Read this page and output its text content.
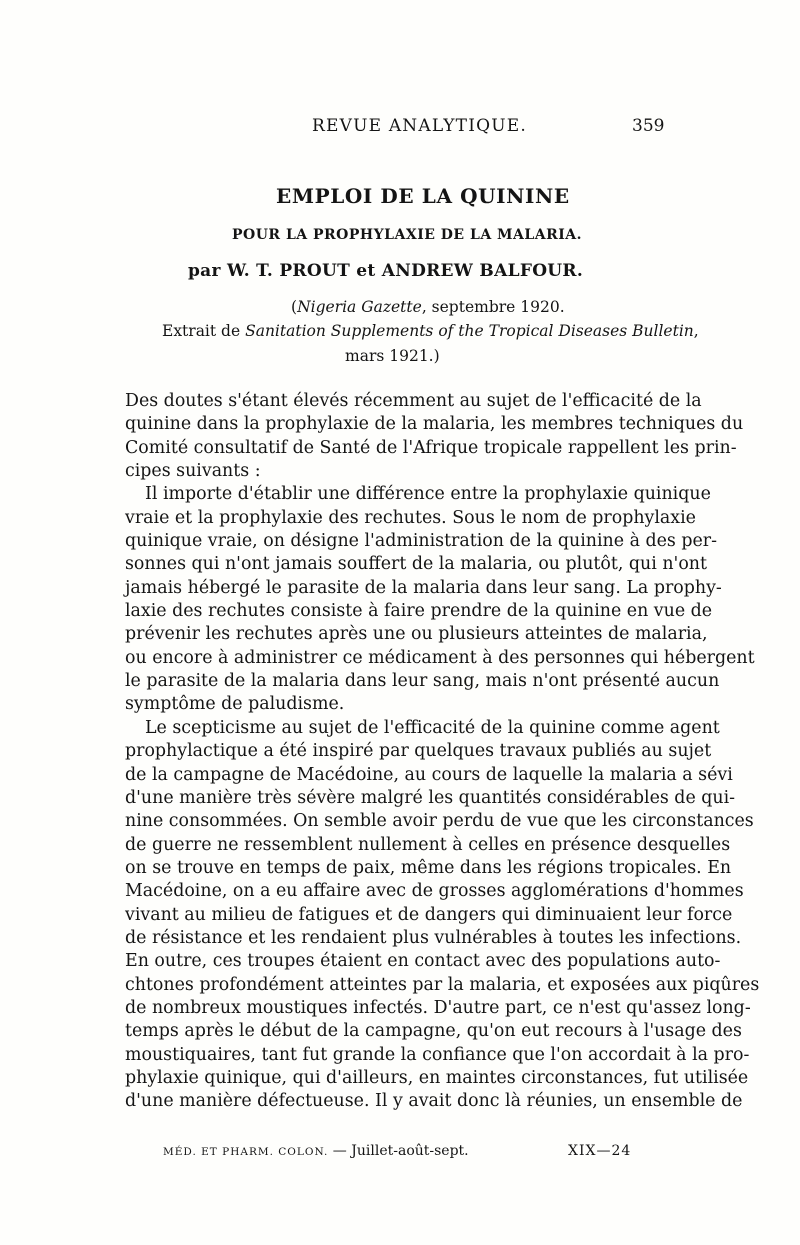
REVUE ANALYTIQUE.	359
EMPLOI DE LA QUININE
POUR LA PROPHYLAXIE DE LA MALARIA.
par W. T. PROUT et ANDREW BALFOUR.
(Nigeria Gazette, septembre 1920.
Extrait de Sanitation Supplements of the Tropical Diseases Bulletin,
mars 1921.)
Des doutes s'étant élevés récemment au sujet de l'efficacité de la
quinine dans la prophylaxie de la malaria, les membres techniques du
Comité consultatif de Santé de l'Afrique tropicale rappellent les prin-
cipes suivants :
Il importe d'établir une différence entre la prophylaxie quinique
vraie et la prophylaxie des rechutes. Sous le nom de prophylaxie
quinique vraie, on désigne l'administration de la quinine à des per-
sonnes qui n'ont jamais souffert de la malaria, ou plutôt, qui n'ont
jamais hébergé le parasite de la malaria dans leur sang. La prophy-
laxie des rechutes consiste à faire prendre de la quinine en vue de
prévenir les rechutes après une ou plusieurs atteintes de malaria,
ou encore à administrer ce médicament à des personnes qui hébergent
le parasite de la malaria dans leur sang, mais n'ont présenté aucun
symptôme de paludisme.
Le scepticisme au sujet de l'efficacité de la quinine comme agent
prophylactique a été inspiré par quelques travaux publiés au sujet
de la campagne de Macédoine, au cours de laquelle la malaria a sévi
d'une manière très sévère malgré les quantités considérables de qui-
nine consommées. On semble avoir perdu de vue que les circonstances
de guerre ne ressemblent nullement à celles en présence desquelles
on se trouve en temps de paix, même dans les régions tropicales. En
Macédoine, on a eu affaire avec de grosses agglomérations d'hommes
vivant au milieu de fatigues et de dangers qui diminuaient leur force
de résistance et les rendaient plus vulnérables à toutes les infections.
En outre, ces troupes étaient en contact avec des populations auto-
chtones profondément atteintes par la malaria, et exposées aux piqûres
de nombreux moustiques infectés. D'autre part, ce n'est qu'assez long-
temps après le début de la campagne, qu'on eut recours à l'usage des
moustiquaires, tant fut grande la confiance que l'on accordait à la pro-
phylaxie quinique, qui d'ailleurs, en maintes circonstances, fut utilisée
d'une manière défectueuse. Il y avait donc là réunies, un ensemble de
MÉD. ET PHARM. COLON. — Juillet-août-sept.	XIX—24
